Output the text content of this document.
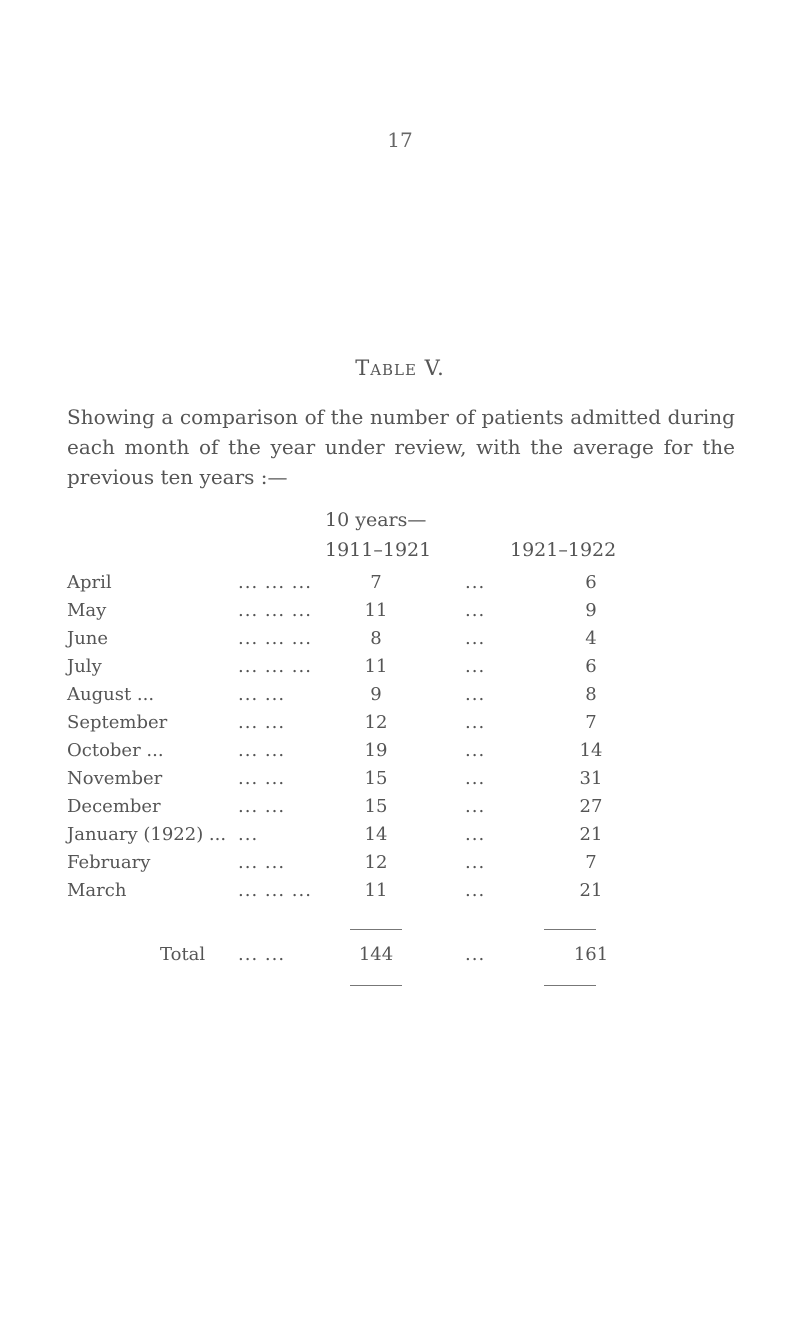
17
Table V.
Showing a comparison of the number of patients admitted during each month of the year under review, with the average for the previous ten years :—
10 years—
1911–1921	1921–1922
April	... ... ...	7	...	6
May	... ... ...	11	...	9
June	... ... ...	8	...	4
July	... ... ...	11	...	6
August ...	... ...	9	...	8
September	... ...	12	...	7
October ...	... ...	19	...	14
November	... ...	15	...	31
December	... ...	15	...	27
January (1922) ... ...	14	...	21
February	... ...	12	...	7
March	... ... ...	11	...	21
Total ... ...	144	...	161
